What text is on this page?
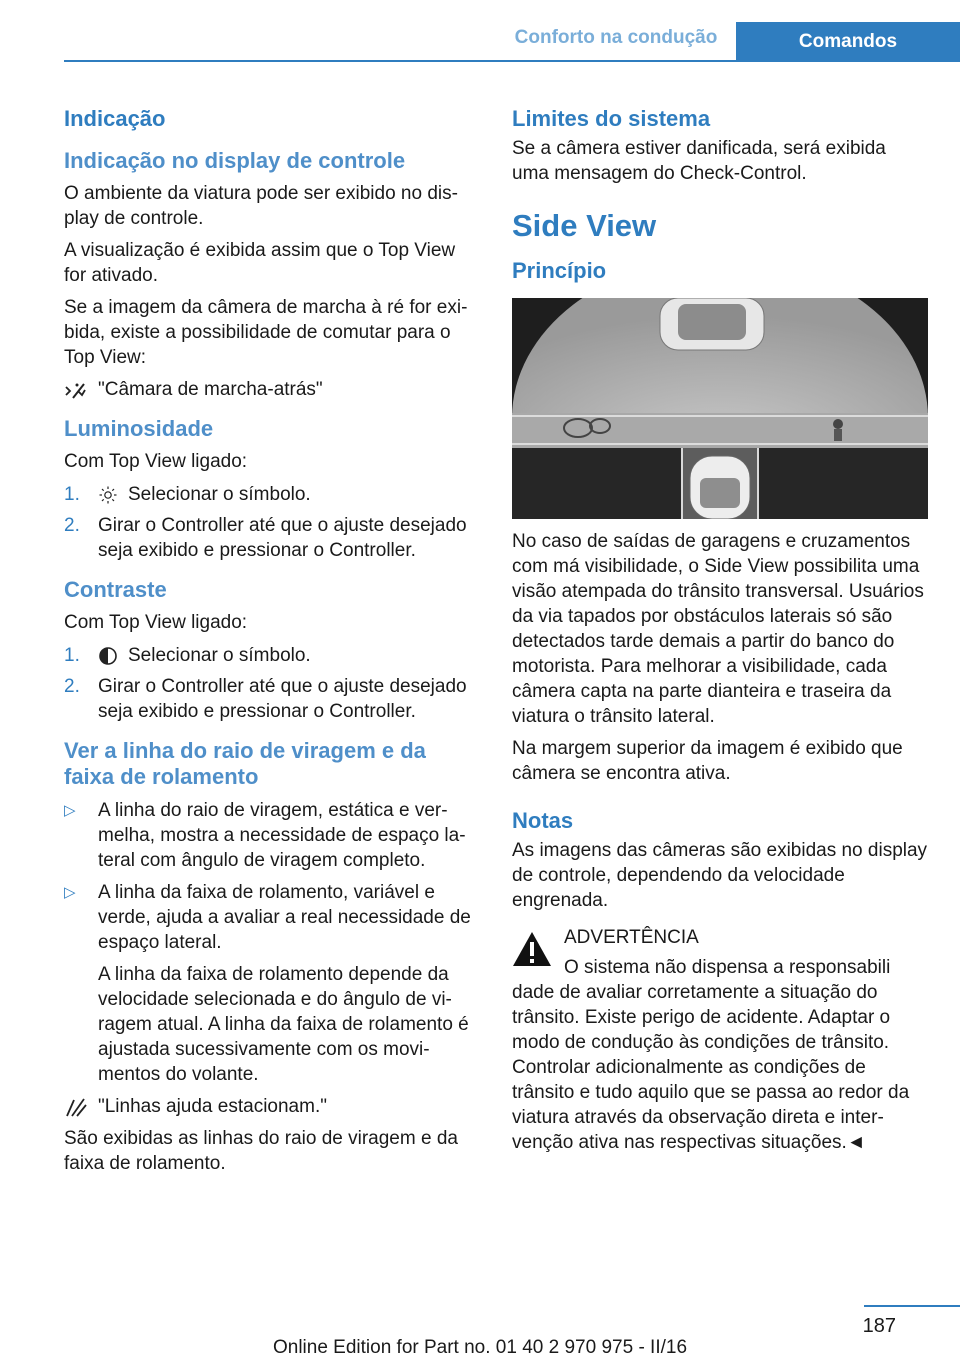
Conforto na condução	Comandos
Indicação
Indicação no display de controle

O ambiente da viatura pode ser exibido no display de controle.

A visualização é exibida assim que o Top View for ativado.

Se a imagem da câmera de marcha à ré for exibida, existe a possibilidade de comutar para o Top View:

"Câmara de marcha-atrás"
Luminosidade

Com Top View ligado:

1.	Selecionar o símbolo.
2. Girar o Controller até que o ajuste desejado seja exibido e pressionar o Controller.
Contraste

Com Top View ligado:

1.	Selecionar o símbolo.
2. Girar o Controller até que o ajuste desejado seja exibido e pressionar o Controller.
Ver a linha do raio de viragem e da faixa de rolamento
▷	A linha do raio de viragem, estática e vermelha, mostra a necessidade de espaço lateral com ângulo de viragem completo.

▷	A linha da faixa de rolamento, variável e verde, ajuda a avaliar a real necessidade de espaço lateral.

A linha da faixa de rolamento depende da velocidade selecionada e do ângulo de viragem atual. A linha da faixa de rolamento é ajustada sucessivamente com os movimentos do volante.

"Linhas ajuda estacionam."

São exibidas as linhas do raio de viragem e da faixa de rolamento.

Limites do sistema

Se a câmera estiver danificada, será exibida uma mensagem do Check-Control.

Side View
Princípio

No caso de saídas de garagens e cruzamentos com má visibilidade, o Side View possibilita uma visão atempada do trânsito transversal. Usuários da via tapados por obstáculos laterais só são detectados tarde demais a partir do banco do motorista. Para melhorar a visibilidade, cada câmera capta na parte dianteira e traseira da viatura o trânsito lateral.

Na margem superior da imagem é exibido que câmera se encontra ativa.

Notas

As imagens das câmeras são exibidas no display de controle, dependendo da velocidade engrenada.

ADVERTÊNCIA

O sistema não dispensa a responsabili

dade de avaliar corretamente a situação do trânsito. Existe perigo de acidente. Adaptar o modo de condução às condições de trânsito. Controlar adicionalmente as condições de trânsito e tudo aquilo que se passa ao redor da viatura através da observação direta e intervenção ativa nas respectivas situações.◄

187
Online Edition for Part no. 01 40 2 970 975 - II/16
